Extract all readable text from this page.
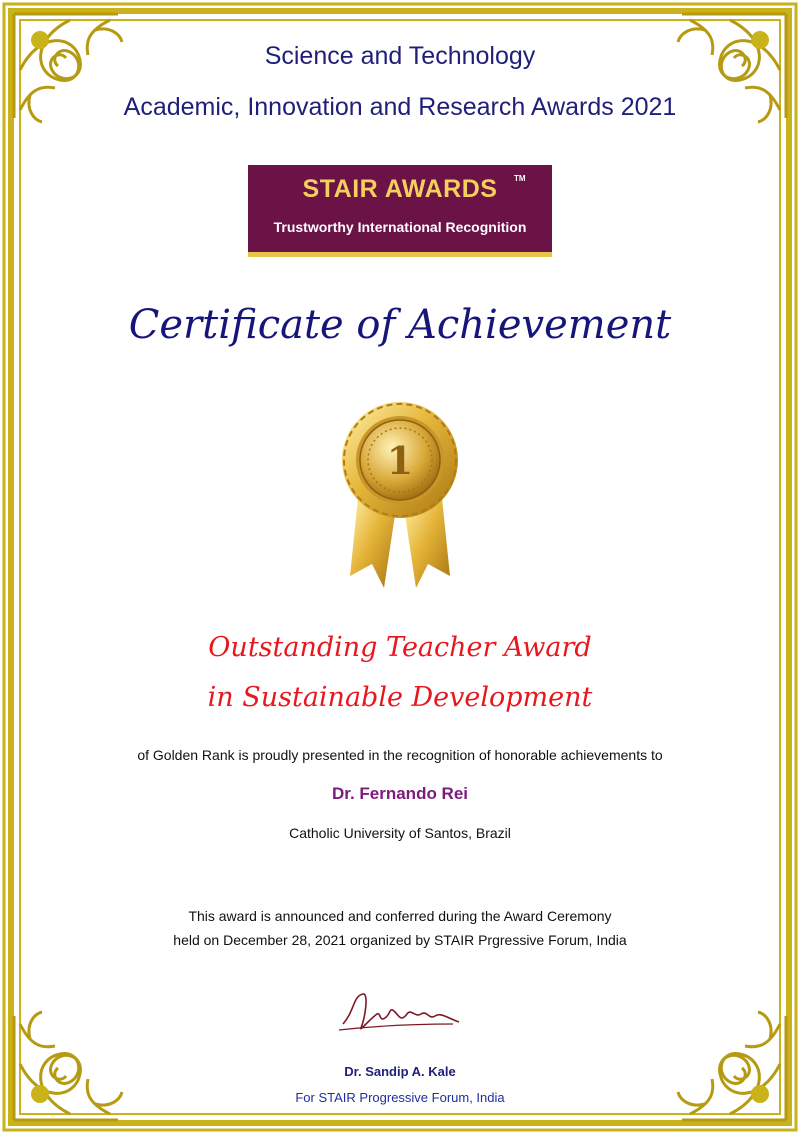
Science and Technology
Academic, Innovation and Research Awards 2021
STAIR AWARDS	TM
Trustworthy International Recognition
Certificate of Achievement
1
Outstanding Teacher Award
in Sustainable Development
of Golden Rank is proudly presented in the recognition of honorable achievements to
Dr. Fernando Rei
Catholic University of Santos, Brazil
This award is announced and conferred during the Award Ceremony
held on December 28, 2021 organized by STAIR Prgressive Forum, India
Dr. Sandip A. Kale
For STAIR Progressive Forum, India
